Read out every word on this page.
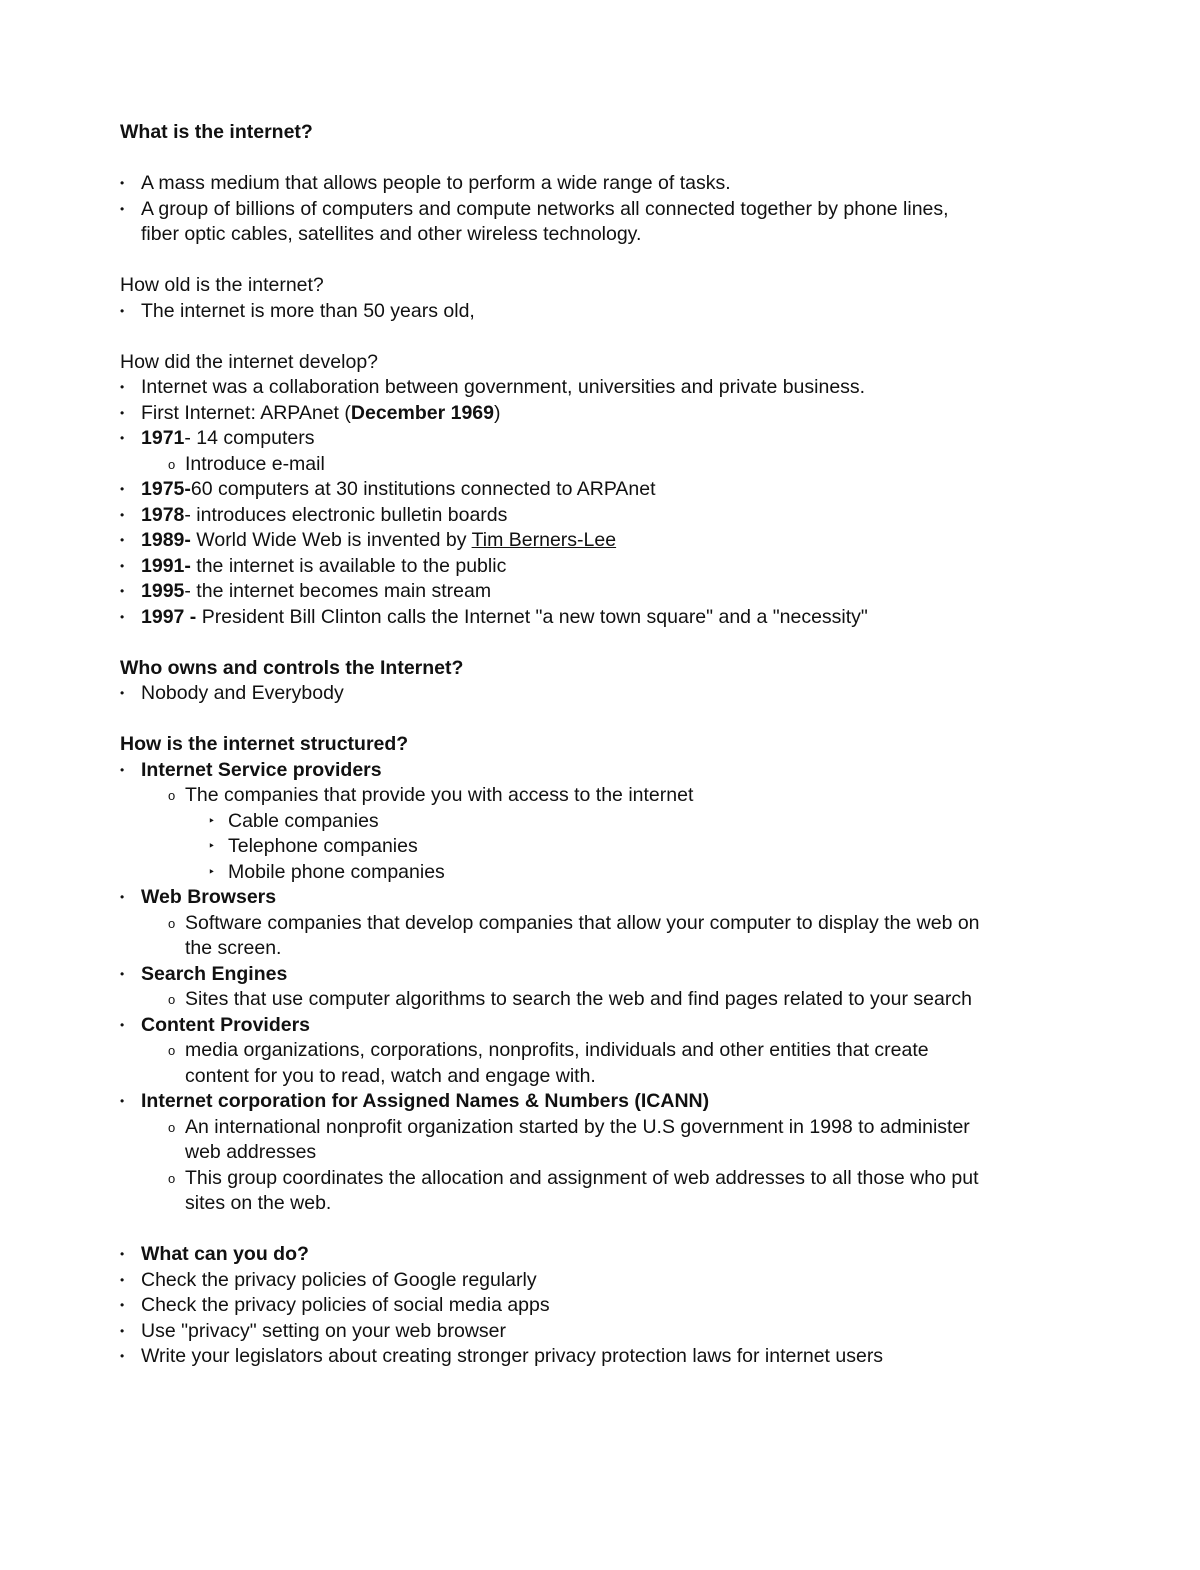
What is the internet?
• A mass medium that allows people to perform a wide range of tasks.
• A group of billions of computers and compute networks all connected together by phone lines,
fiber optic cables, satellites and other wireless technology.
How old is the internet?
• The internet is more than 50 years old,
How did the internet develop?
• Internet was a collaboration between government, universities and private business.
• First Internet: ARPAnet (December 1969)
• 1971- 14 computers
o Introduce e-mail
• 1975-60 computers at 30 institutions connected to ARPAnet
• 1978- introduces electronic bulletin boards
• 1989- World Wide Web is invented by Tim Berners-Lee
• 1991- the internet is available to the public
• 1995- the internet becomes main stream
• 1997 - President Bill Clinton calls the Internet "a new town square" and a "necessity"
Who owns and controls the Internet?
• Nobody and Everybody
How is the internet structured?
• Internet Service providers
o The companies that provide you with access to the internet
‣ Cable companies
‣ Telephone companies
‣ Mobile phone companies
• Web Browsers
o Software companies that develop companies that allow your computer to display the web on
the screen.
• Search Engines
o Sites that use computer algorithms to search the web and find pages related to your search
• Content Providers
o media organizations, corporations, nonprofits, individuals and other entities that create
content for you to read, watch and engage with.
• Internet corporation for Assigned Names & Numbers (ICANN)
o An international nonprofit organization started by the U.S government in 1998 to administer
web addresses
o This group coordinates the allocation and assignment of web addresses to all those who put
sites on the web.
• What can you do?
• Check the privacy policies of Google regularly
• Check the privacy policies of social media apps
• Use "privacy" setting on your web browser
• Write your legislators about creating stronger privacy protection laws for internet users
